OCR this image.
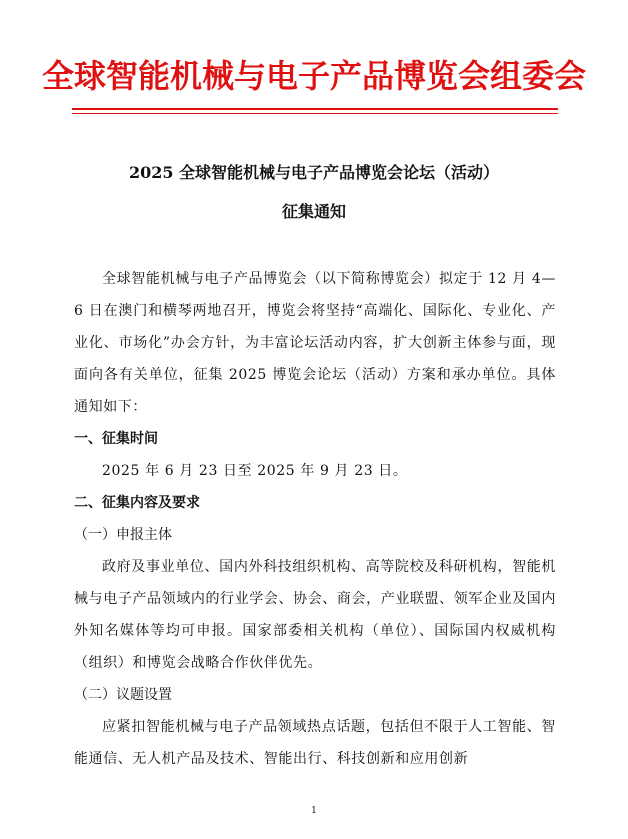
全球智能机械与电子产品博览会组委会
2025 全球智能机械与电子产品博览会论坛（活动）
征集通知

全球智能机械与电子产品博览会（以下简称博览会）拟定于 12 月 4—6 日在澳门和横琴两地召开，博览会将坚持“高端化、国际化、专业化、产业化、市场化”办会方针，为丰富论坛活动内容，扩大创新主体参与面，现面向各有关单位，征集 2025 博览会论坛（活动）方案和承办单位。具体通知如下：

一、征集时间

2025 年 6 月 23 日至 2025 年 9 月 23 日。

二、征集内容及要求

（一）申报主体

政府及事业单位、国内外科技组织机构、高等院校及科研机构，智能机械与电子产品领域内的行业学会、协会、商会，产业联盟、领军企业及国内外知名媒体等均可申报。国家部委相关机构（单位）、国际国内权威机构（组织）和博览会战略合作伙伴优先。

（二）议题设置

应紧扣智能机械与电子产品领域热点话题，包括但不限于人工智能、智能通信、无人机产品及技术、智能出行、科技创新和应用创新

1
